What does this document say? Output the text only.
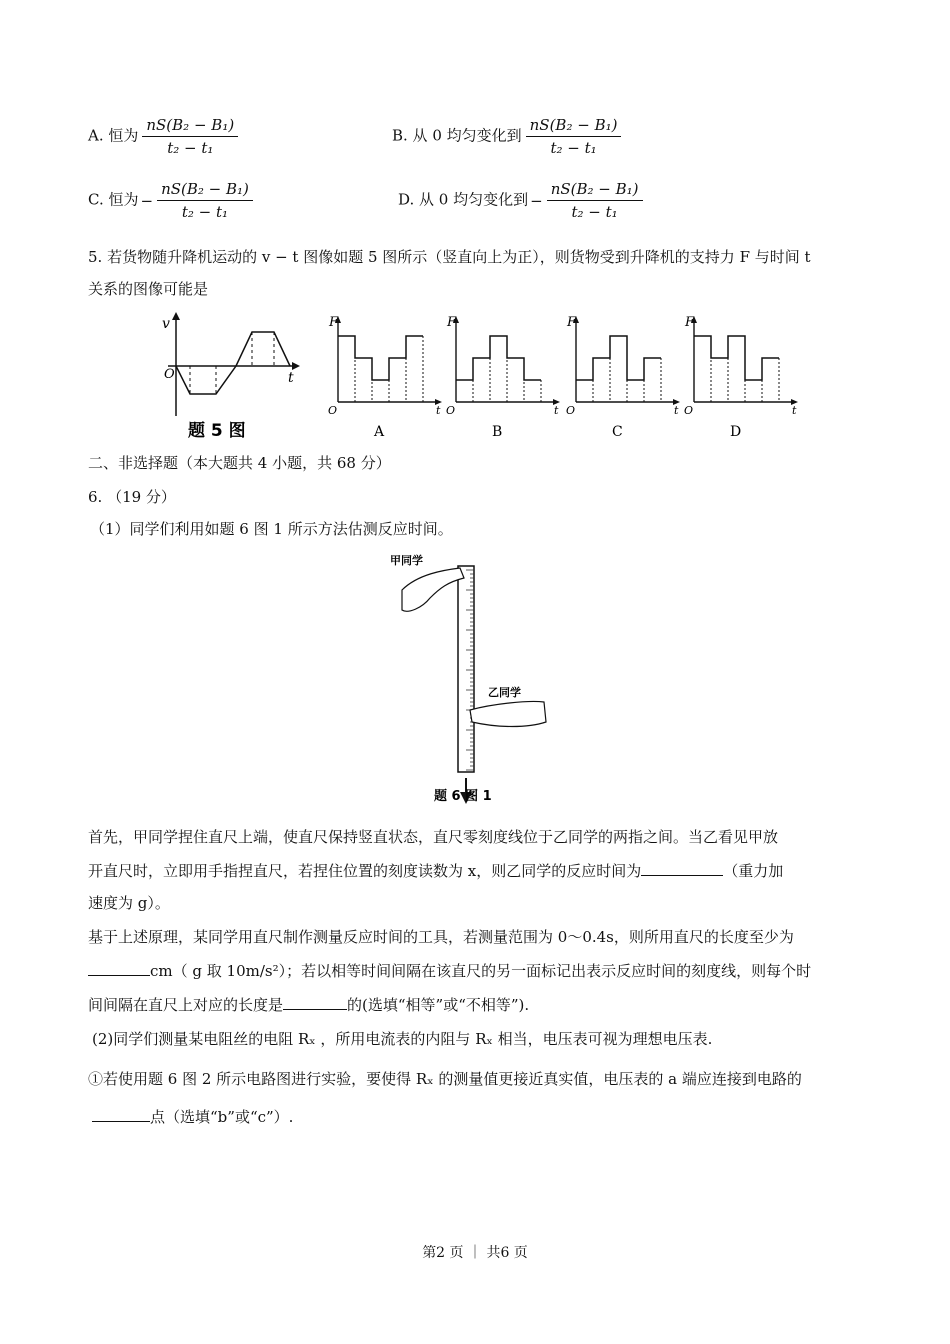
A. 恒为 $\frac{\text{nS(B₂ − B₁)}}{\text{t₂ − t₁}}$	B. 从 0 均匀变化到 $\frac{\text{nS(B₂ − B₁)}}{\text{t₂ − t₁}}$
C. 恒为 − $\frac{\text{nS(B₂ − B₁)}}{\text{t₂ − t₁}}$	D. 从 0 均匀变化到 − $\frac{\text{nS(B₂ − B₁)}}{\text{t₂ − t₁}}$
5. 若货物随升降机运动的 v − t 图像如题 5 图所示（竖直向上为正），则货物受到升降机的支持力 F 与时间 t
关系的图像可能是
v
O	t
题 5 图
F
O	t
A
F
O	t
B
F
O	t
C
F
O	t
D
二、非选择题（本大题共 4 小题，共 68 分）
6. （19 分）
（1）同学们利用如题 6 图 1 所示方法估测反应时间。
甲同学
乙同学
题 6 图 1
首先，甲同学捏住直尺上端，使直尺保持竖直状态，直尺零刻度线位于乙同学的两指之间。当乙看见甲放
开直尺时，立即用手指捏直尺，若捏住位置的刻度读数为 x，则乙同学的反应时间为	（重力加
速度为 g）。
基于上述原理，某同学用直尺制作测量反应时间的工具，若测量范围为 0～0.4s，则所用直尺的长度至少为
cm（ g 取 10m/s²）；若以相等时间间隔在该直尺的另一面标记出表示反应时间的刻度线，则每个时
间间隔在直尺上对应的长度是	的(选填“相等”或“不相等”).
(2)同学们测量某电阻丝的电阻 Rₓ ，所用电流表的内阻与 Rₓ 相当，电压表可视为理想电压表.
①若使用题 6 图 2 所示电路图进行实验，要使得 Rₓ 的测量值更接近真实值，电压表的 a 端应连接到电路的
点（选填“b”或“c”）.
第2 页 ｜ 共6 页
